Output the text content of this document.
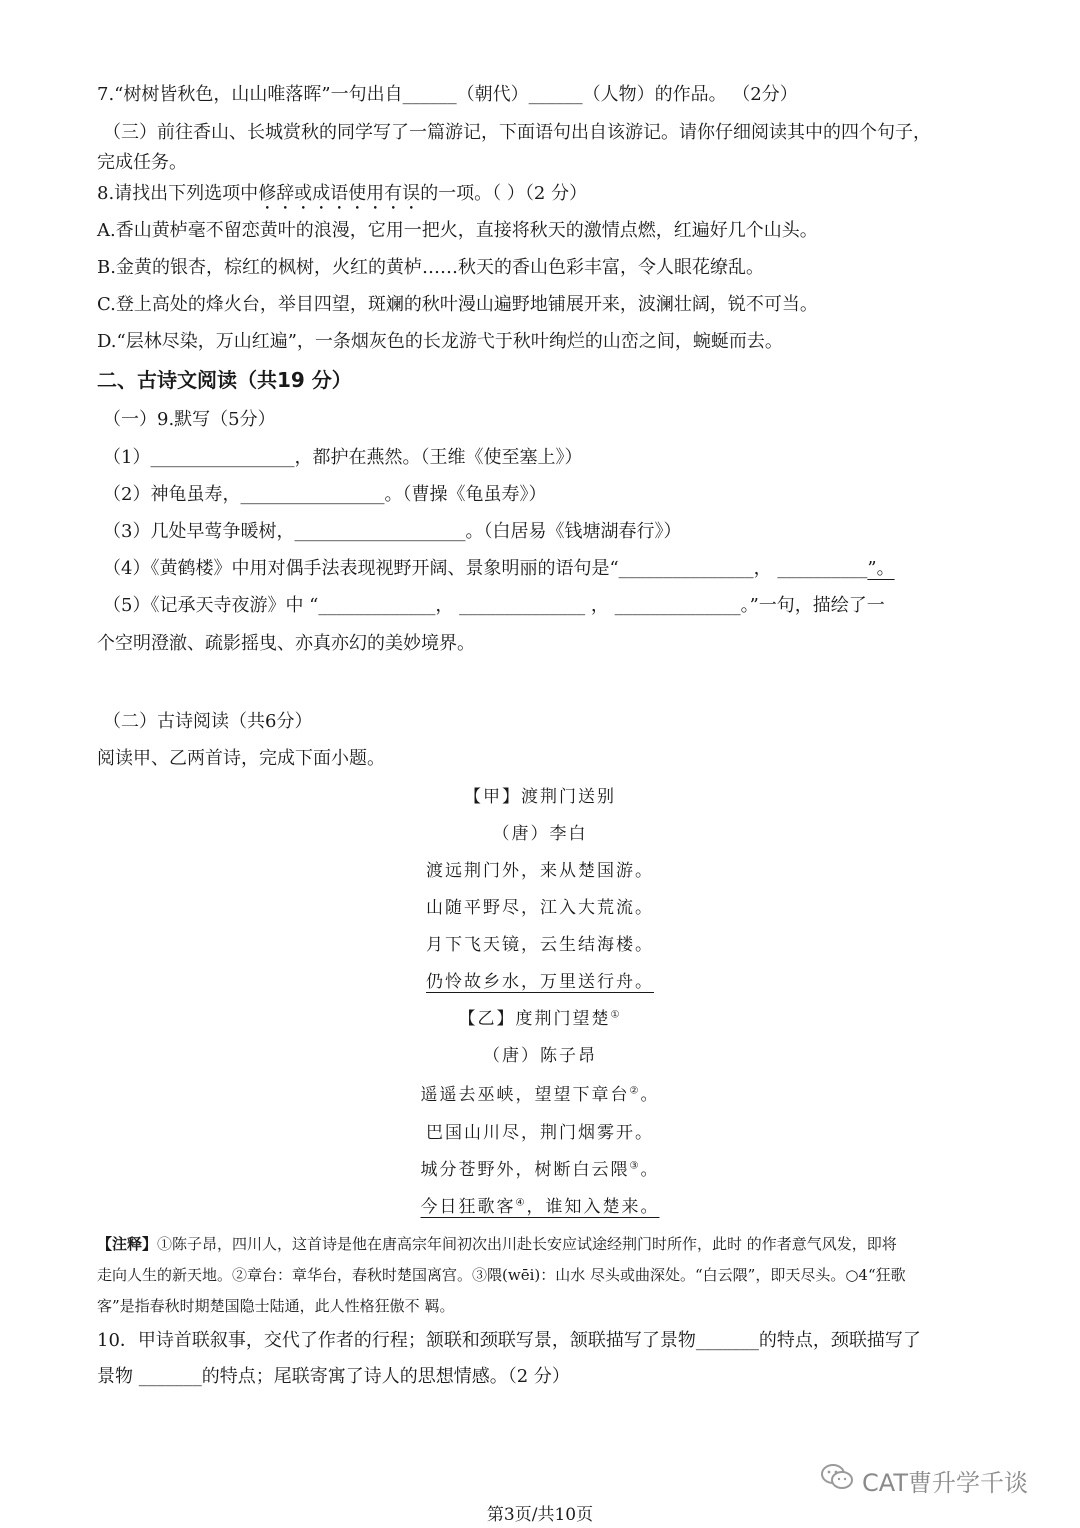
7.“树树皆秋色，山山唯落晖”一句出自______（朝代）______（人物）的作品。 （2分）
（三）前往香山、长城赏秋的同学写了一篇游记，下面语句出自该游记。请你仔细阅读其中的四个句子，
完成任务。
8.请找出下列选项中修辞或成语使用有误的一项。（ ）（2 分）
A.香山黄栌毫不留恋黄叶的浪漫，它用一把火，直接将秋天的激情点燃，红遍好几个山头。
B.金黄的银杏，棕红的枫树，火红的黄栌……秋天的香山色彩丰富，令人眼花缭乱。
C.登上高处的烽火台，举目四望，斑斓的秋叶漫山遍野地铺展开来，波澜壮阔，锐不可当。
D.“层林尽染，万山红遍”，一条烟灰色的长龙游弋于秋叶绚烂的山峦之间，蜿蜒而去。
二、古诗文阅读（共19 分）
（一）9.默写（5分）
（1）________________，都护在燕然。（王维《使至塞上》）
（2）神龟虽寿，________________。（曹操《龟虽寿》）
（3）几处早莺争暖树，___________________。（白居易《钱塘湖春行》）
（4）《黄鹤楼》中用对偶手法表现视野开阔、景象明丽的语句是“_______________， __________”。
（5）《记承天寺夜游》中 “_____________， ______________ ， ______________。”一句，描绘了一
个空明澄澈、疏影摇曳、亦真亦幻的美妙境界。
（二）古诗阅读（共6分）
阅读甲、乙两首诗，完成下面小题。
【甲】渡荆门送别
（唐）李白
渡远荆门外，来从楚国游。
山随平野尽，江入大荒流。
月下飞天镜，云生结海楼。
仍怜故乡水，万里送行舟。
【乙】度荆门望楚①
（唐）陈子昂
遥遥去巫峡，望望下章台②。
巴国山川尽，荆门烟雾开。
城分苍野外，树断白云隈③。
今日狂歌客④，谁知入楚来。
【注释】①陈子昂，四川人，这首诗是他在唐高宗年间初次出川赴长安应试途经荆门时所作，此时 的作者意气风发，即将
走向人生的新天地。②章台：章华台，春秋时楚国离宫。③隈(wēi)：山水 尽头或曲深处。“白云隈”，即天尽头。○4“狂歌
客”是指春秋时期楚国隐士陆通，此人性格狂傲不 羁。
10．甲诗首联叙事，交代了作者的行程；颔联和颈联写景，颔联描写了景物_______的特点，颈联描写了
景物 _______的特点；尾联寄寓了诗人的思想情感。（2 分）
CAT曹升学千谈
第3页/共10页
